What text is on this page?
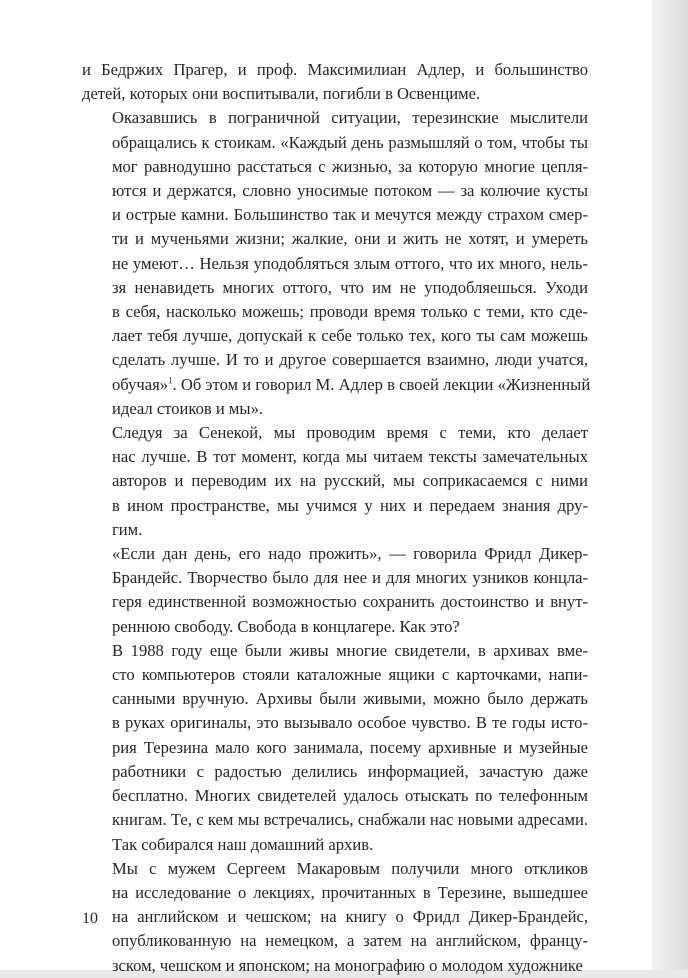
и Бедржих Прагер, и проф. Максимилиан Адлер, и большинство
детей, которых они воспитывали, погибли в Освенциме.

Оказавшись в пограничной ситуации, терезинские мыслители
обращались к стоикам. «Каждый день размышляй о том, чтобы ты
мог равнодушно расстаться с жизнью, за которую многие цепля-
ются и держатся, словно уносимые потоком — за колючие кусты
и острые камни. Большинство так и мечутся между страхом смер-
ти и мученьями жизни; жалкие, они и жить не хотят, и умереть
не умеют… Нельзя уподобляться злым оттого, что их много, нель-
зя ненавидеть многих оттого, что им не уподобляешься. Уходи
в себя, насколько можешь; проводи время только с теми, кто сде-
лает тебя лучше, допускай к себе только тех, кого ты сам можешь
сделать лучше. И то и другое совершается взаимно, люди учатся,
обучая»$^1$. Об этом и говорил М. Адлер в своей лекции «Жизненный
идеал стоиков и мы».

Следуя за Сенекой, мы проводим время с теми, кто делает
нас лучше. В тот момент, когда мы читаем тексты замечательных
авторов и переводим их на русский, мы соприкасаемся с ними
в ином пространстве, мы учимся у них и передаем знания дру-
гим.

«Если дан день, его надо прожить», — говорила Фридл Дикер-
Брандейс. Творчество было для нее и для многих узников концла-
геря единственной возможностью сохранить достоинство и внут-
реннюю свободу. Свобода в концлагере. Как это?

В 1988 году еще были живы многие свидетели, в архивах вме-
сто компьютеров стояли каталожные ящики с карточками, напи-
санными вручную. Архивы были живыми, можно было держать
в руках оригиналы, это вызывало особое чувство. В те годы исто-
рия Терезина мало кого занимала, посему архивные и музейные
работники с радостью делились информацией, зачастую даже
бесплатно. Многих свидетелей удалось отыскать по телефонным
книгам. Те, с кем мы встречались, снабжали нас новыми адресами.
Так собирался наш домашний архив.

Мы с мужем Сергеем Макаровым получили много откликов
на исследование о лекциях, прочитанных в Терезине, вышедшее
на английском и чешском; на книгу о Фридл Дикер-Брандейс,
опубликованную на немецком, а затем на английском, францу-
зском, чешском и японском; на монографию о молодом художнике

10
